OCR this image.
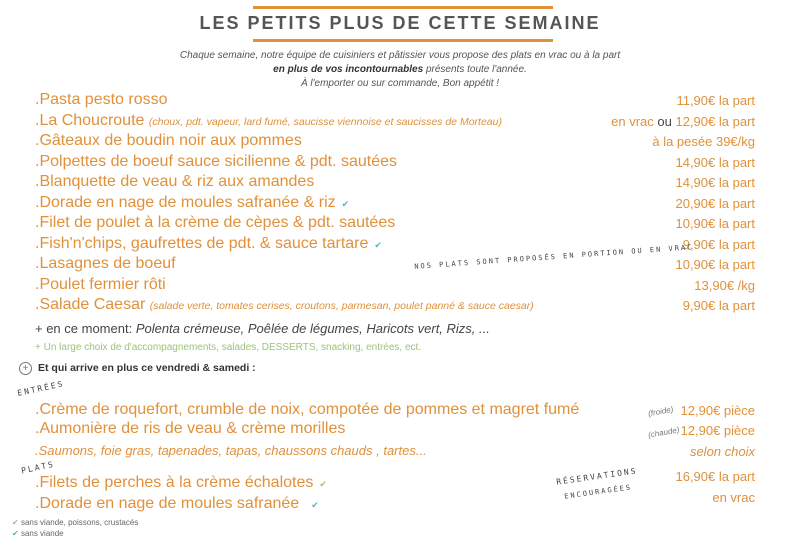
LES PETITS PLUS DE CETTE SEMAINE
Chaque semaine, notre équipe de cuisiniers et pâtissier vous propose des plats en vrac ou à la part
en plus de vos incontournables présents toute l'année.
À l'emporter ou sur commande, Bon appétit !
.Pasta pesto rosso	11,90€ la part
.La Choucroute (choux, pdt. vapeur, lard fumé, saucisse viennoise et saucisses de Morteau)	en vrac ou 12,90€ la part
.Gâteaux de boudin noir aux pommes	à la pesée 39€/kg
.Polpettes de boeuf sauce sicilienne & pdt. sautées	14,90€ la part
.Blanquette de veau & riz aux amandes	14,90€ la part
.Dorade en nage de moules safranée & riz ✔	20,90€ la part
.Filet de poulet à la crème de cèpes & pdt. sautées	10,90€ la part
.Fish'n'chips, gaufrettes de pdt. & sauce tartare ✔	9,90€ la part
.Lasagnes de boeuf	10,90€ la part
.Poulet fermier rôti	13,90€ /kg
.Salade Caesar (salade verte, tomates cerises, croutons, parmesan, poulet panné & sauce caesar)	9,90€ la part
+ en ce moment: Polenta crémeuse, Poêlée de légumes, Haricots vert, Rizs, ...
+ Un large choix de d'accompagnements, salades, DESSERTS, snacking, entrées, ect.
NOS PLATS SONT PROPOSÉS EN PORTION OU EN VRAC
+ Et qui arrive en plus ce vendredi & samedi :
ENTRÉES
PLATS
.Crème de roquefort, crumble de noix, compotée de pommes et magret fumé	(froide) 12,90€ pièce
.Aumonière de ris de veau & crème morilles	(chaude) 12,90€ pièce
.Saumons, foie gras, tapenades, tapas, chaussons chauds , tartes...	selon choix
.Filets de perches à la crème échalotes ✔	16,90€ la part
.Dorade en nage de moules safranée ✔	en vrac
RÉSERVATIONS
ENCOURAGÉES
✔ sans viande, poissons, crustacés
✔ sans viande
